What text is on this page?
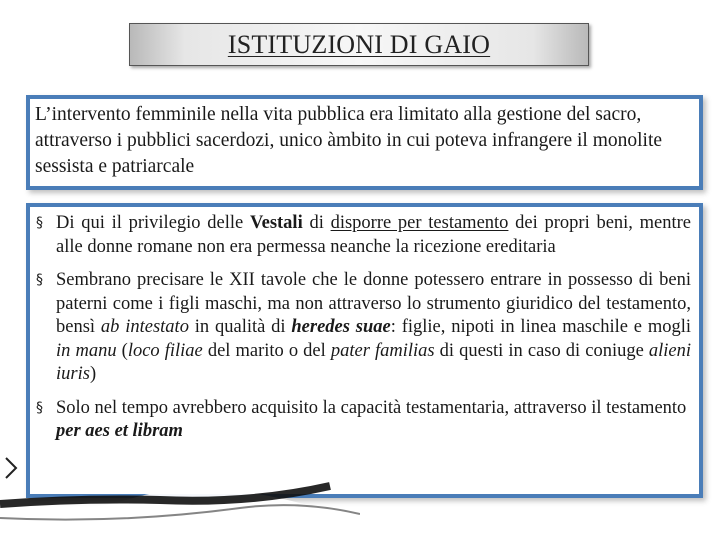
ISTITUZIONI DI GAIO
L’intervento femminile nella vita pubblica era limitato alla gestione del sacro, attraverso i pubblici sacerdozi, unico àmbito in cui poteva infrangere il monolite sessista e patriarcale
§ Di qui il privilegio delle Vestali di disporre per testamento dei propri beni, mentre alle donne romane non era permessa neanche la ricezione ereditaria
§ Sembrano precisare le XII tavole che le donne potessero entrare in possesso di beni paterni come i figli maschi, ma non attraverso lo strumento giuridico del testamento, bensì ab intestato in qualità di heredes suae: figlie, nipoti in linea maschile e mogli in manu (loco filiae del marito o del pater familias di questi in caso di coniuge alieni iuris)
§ Solo nel tempo avrebbero acquisito la capacità testamentaria, attraverso il testamento per aes et libram
